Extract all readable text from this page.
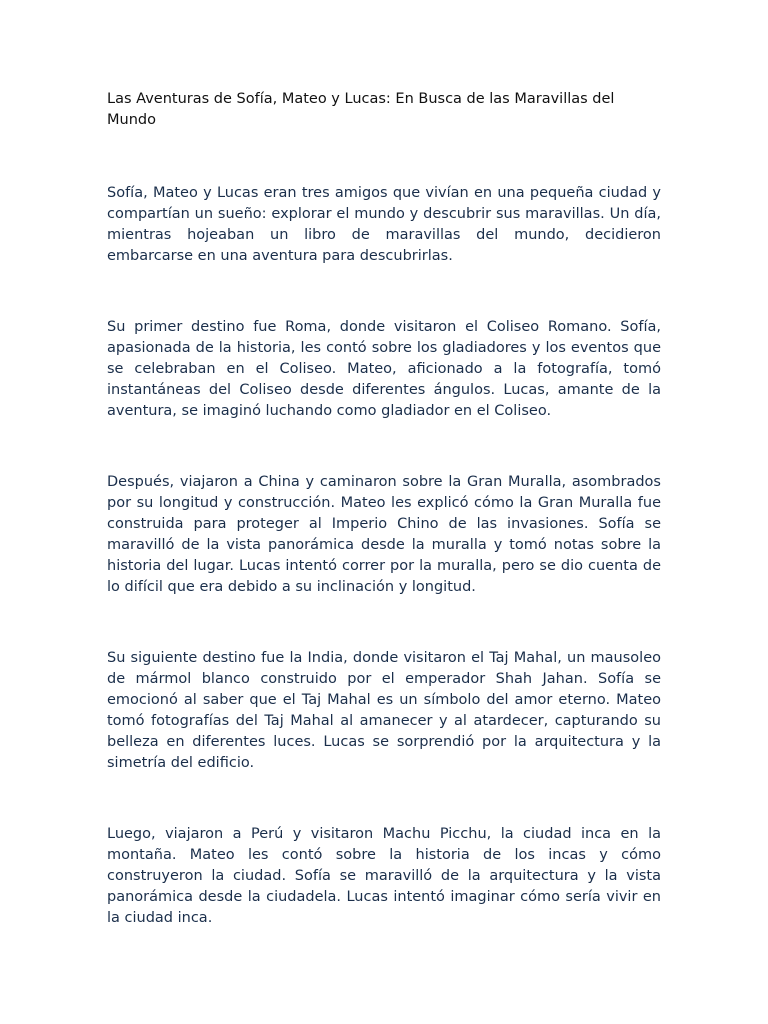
Las Aventuras de Sofía, Mateo y Lucas: En Busca de las Maravillas del Mundo

Sofía, Mateo y Lucas eran tres amigos que vivían en una pequeña ciudad y compartían un sueño: explorar el mundo y descubrir sus maravillas. Un día, mientras hojeaban un libro de maravillas del mundo, decidieron embarcarse en una aventura para descubrirlas.

Su primer destino fue Roma, donde visitaron el Coliseo Romano. Sofía, apasionada de la historia, les contó sobre los gladiadores y los eventos que se celebraban en el Coliseo. Mateo, aficionado a la fotografía, tomó instantáneas del Coliseo desde diferentes ángulos. Lucas, amante de la aventura, se imaginó luchando como gladiador en el Coliseo.

Después, viajaron a China y caminaron sobre la Gran Muralla, asombrados por su longitud y construcción. Mateo les explicó cómo la Gran Muralla fue construida para proteger al Imperio Chino de las invasiones. Sofía se maravilló de la vista panorámica desde la muralla y tomó notas sobre la historia del lugar. Lucas intentó correr por la muralla, pero se dio cuenta de lo difícil que era debido a su inclinación y longitud.

Su siguiente destino fue la India, donde visitaron el Taj Mahal, un mausoleo de mármol blanco construido por el emperador Shah Jahan. Sofía se emocionó al saber que el Taj Mahal es un símbolo del amor eterno. Mateo tomó fotografías del Taj Mahal al amanecer y al atardecer, capturando su belleza en diferentes luces. Lucas se sorprendió por la arquitectura y la simetría del edificio.

Luego, viajaron a Perú y visitaron Machu Picchu, la ciudad inca en la montaña. Mateo les contó sobre la historia de los incas y cómo construyeron la ciudad. Sofía se maravilló de la arquitectura y la vista panorámica desde la ciudadela. Lucas intentó imaginar cómo sería vivir en la ciudad inca.
